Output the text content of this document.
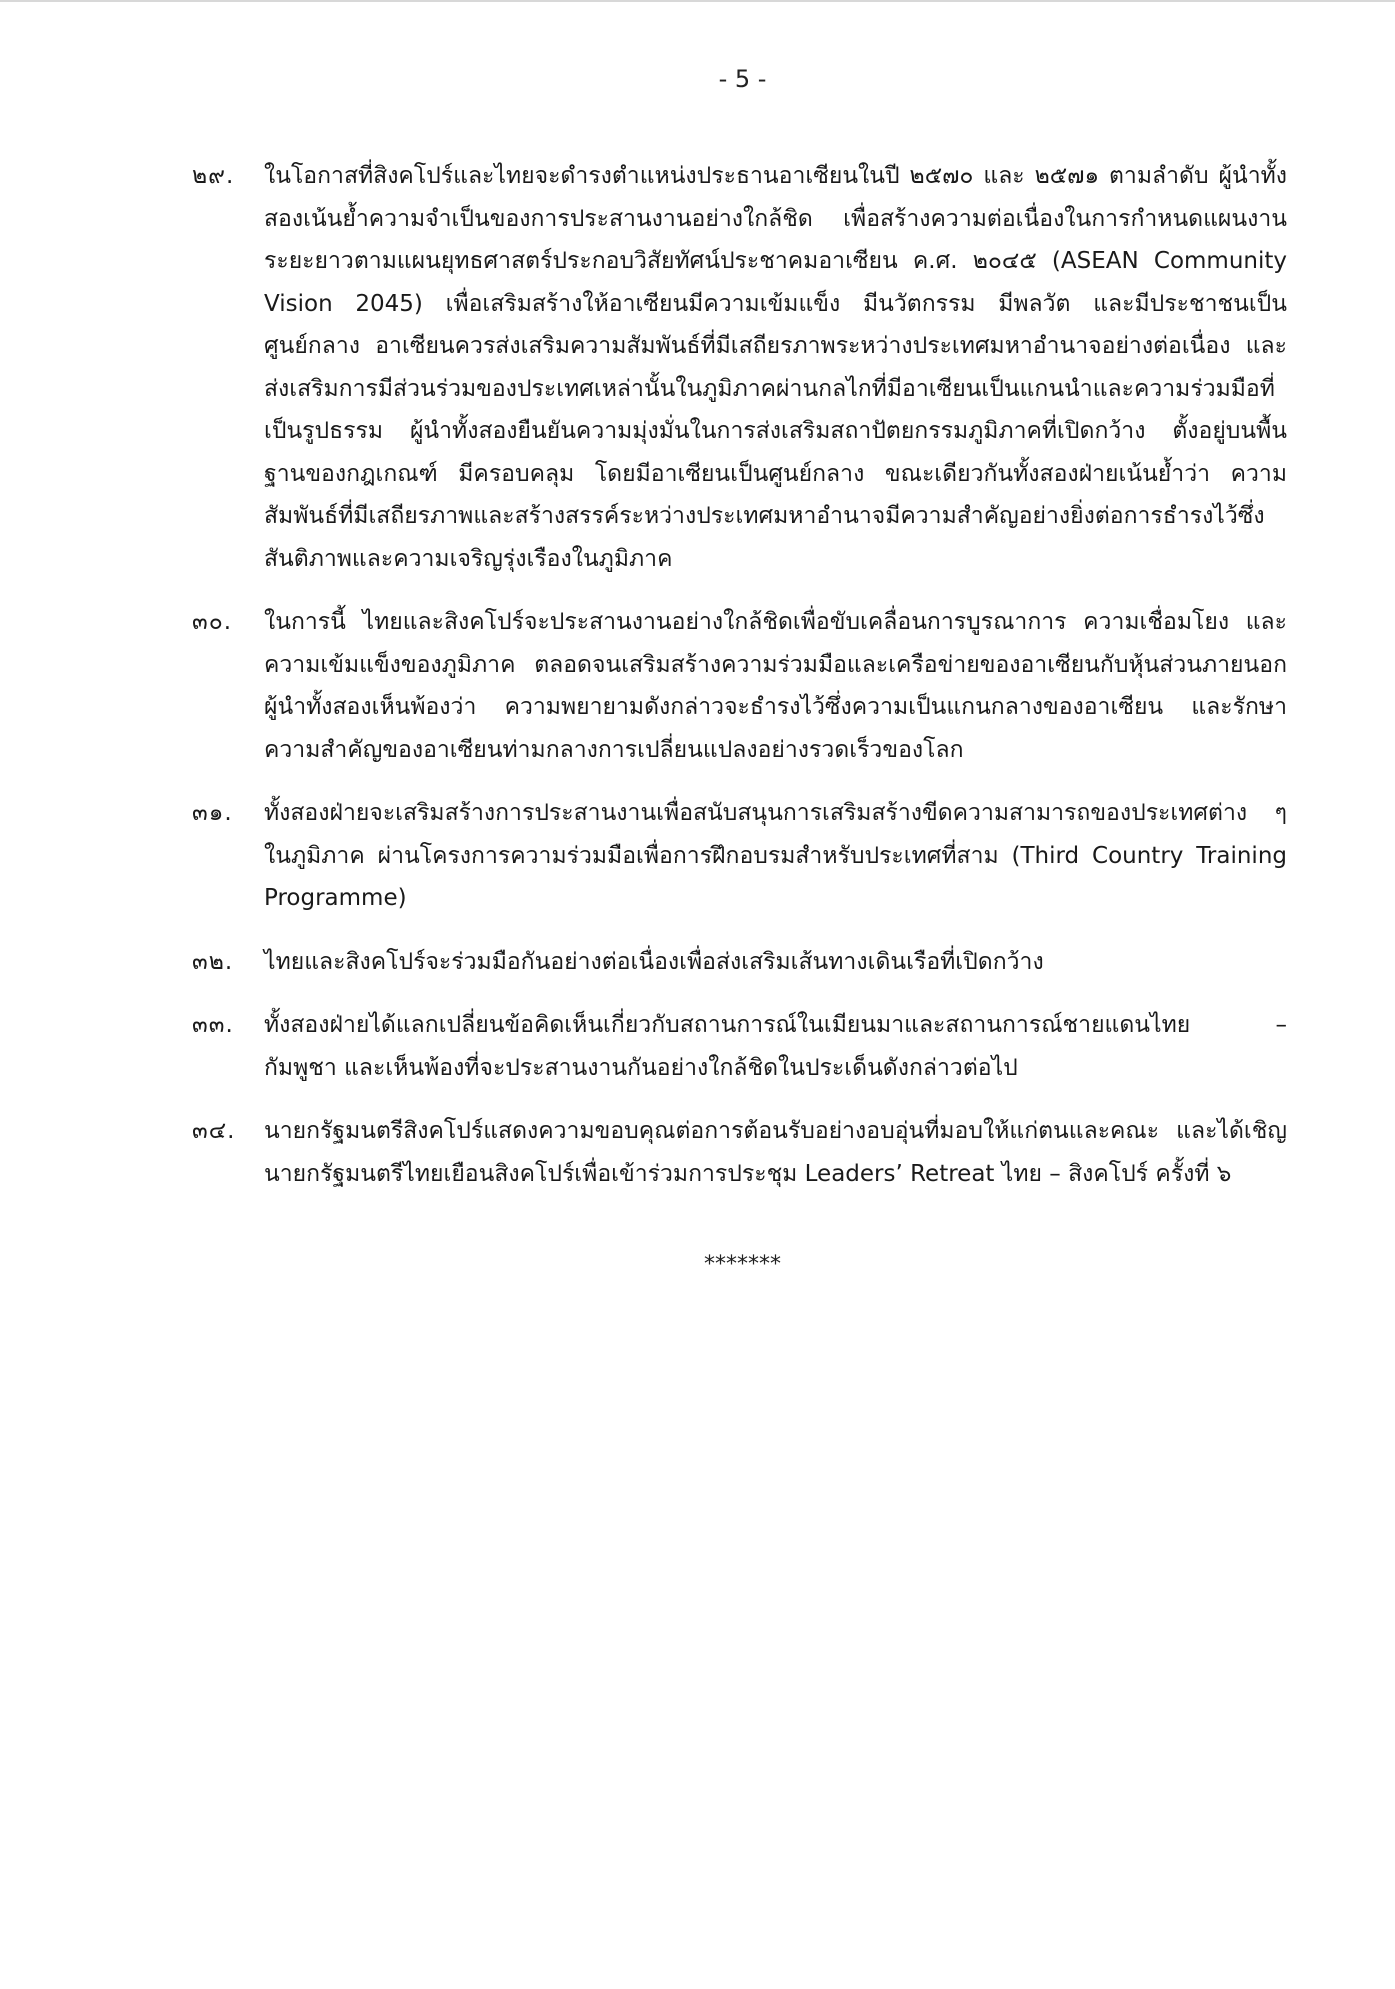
- 5 -
๒๙.	ในโอกาสที่สิงคโปร์และไทยจะดำรงตำแหน่งประธานอาเซียนในปี ๒๕๗๐ และ ๒๕๗๑ ตามลำดับ ผู้นำทั้งสองเน้นย้ำความจำเป็นของการประสานงานอย่างใกล้ชิด เพื่อสร้างความต่อเนื่องในการกำหนดแผนงานระยะยาวตามแผนยุทธศาสตร์ประกอบวิสัยทัศน์ประชาคมอาเซียน ค.ศ. ๒๐๔๕ (ASEAN Community Vision 2045) เพื่อเสริมสร้างให้อาเซียนมีความเข้มแข็ง มีนวัตกรรม มีพลวัต และมีประชาชนเป็นศูนย์กลาง อาเซียนควรส่งเสริมความสัมพันธ์ที่มีเสถียรภาพระหว่างประเทศมหาอำนาจอย่างต่อเนื่อง และส่งเสริมการมีส่วนร่วมของประเทศเหล่านั้นในภูมิภาคผ่านกลไกที่มีอาเซียนเป็นแกนนำและความร่วมมือที่เป็นรูปธรรม ผู้นำทั้งสองยืนยันความมุ่งมั่นในการส่งเสริมสถาปัตยกรรมภูมิภาคที่เปิดกว้าง ตั้งอยู่บนพื้นฐานของกฎเกณฑ์ มีครอบคลุม โดยมีอาเซียนเป็นศูนย์กลาง ขณะเดียวกันทั้งสองฝ่ายเน้นย้ำว่า ความสัมพันธ์ที่มีเสถียรภาพและสร้างสรรค์ระหว่างประเทศมหาอำนาจมีความสำคัญอย่างยิ่งต่อการธำรงไว้ซึ่งสันติภาพและความเจริญรุ่งเรืองในภูมิภาค
๓๐.	ในการนี้ ไทยและสิงคโปร์จะประสานงานอย่างใกล้ชิดเพื่อขับเคลื่อนการบูรณาการ ความเชื่อมโยง และความเข้มแข็งของภูมิภาค ตลอดจนเสริมสร้างความร่วมมือและเครือข่ายของอาเซียนกับหุ้นส่วนภายนอก ผู้นำทั้งสองเห็นพ้องว่า ความพยายามดังกล่าวจะธำรงไว้ซึ่งความเป็นแกนกลางของอาเซียน และรักษาความสำคัญของอาเซียนท่ามกลางการเปลี่ยนแปลงอย่างรวดเร็วของโลก
๓๑.	ทั้งสองฝ่ายจะเสริมสร้างการประสานงานเพื่อสนับสนุนการเสริมสร้างขีดความสามารถของประเทศต่าง ๆ ในภูมิภาค ผ่านโครงการความร่วมมือเพื่อการฝึกอบรมสำหรับประเทศที่สาม (Third Country Training Programme)
๓๒.	ไทยและสิงคโปร์จะร่วมมือกันอย่างต่อเนื่องเพื่อส่งเสริมเส้นทางเดินเรือที่เปิดกว้าง
๓๓.	ทั้งสองฝ่ายได้แลกเปลี่ยนข้อคิดเห็นเกี่ยวกับสถานการณ์ในเมียนมาและสถานการณ์ชายแดนไทย – กัมพูชา และเห็นพ้องที่จะประสานงานกันอย่างใกล้ชิดในประเด็นดังกล่าวต่อไป
๓๔.	นายกรัฐมนตรีสิงคโปร์แสดงความขอบคุณต่อการต้อนรับอย่างอบอุ่นที่มอบให้แก่ตนและคณะ และได้เชิญนายกรัฐมนตรีไทยเยือนสิงคโปร์เพื่อเข้าร่วมการประชุม Leaders’ Retreat ไทย – สิงคโปร์ ครั้งที่ ๖
*******
